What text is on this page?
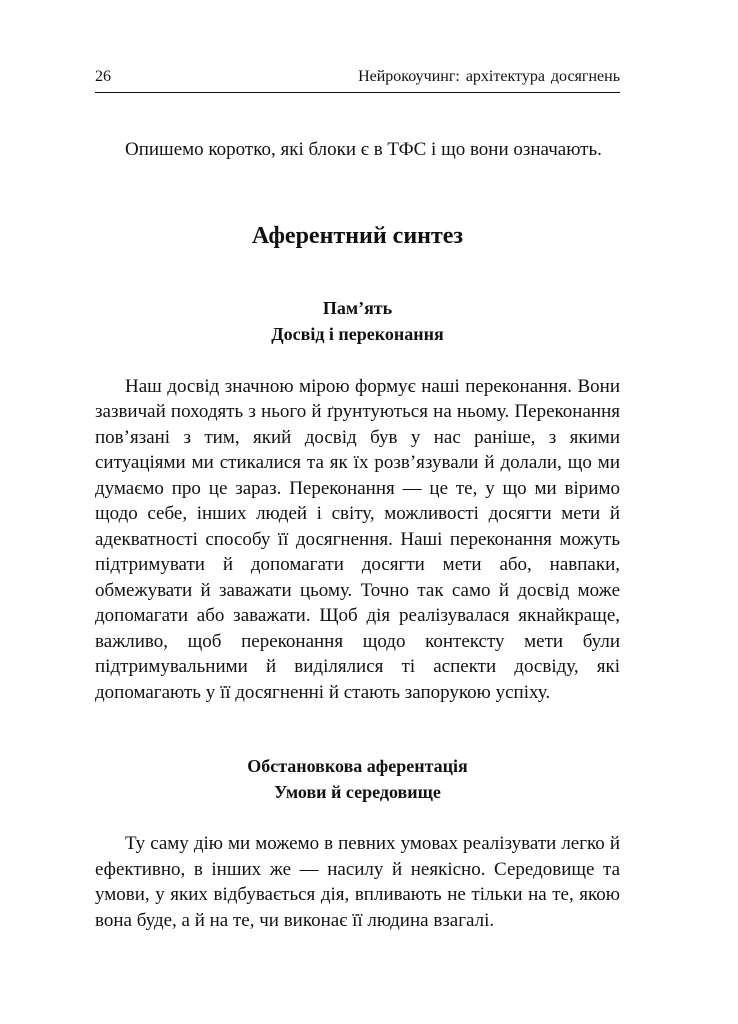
26	Нейрокоучинг: архітектура досягнень

Опишемо коротко, які блоки є в ТФС і що вони означають.

Аферентний синтез
Пам’ять
Досвід і переконання

Наш досвід значною мірою формує наші переконання. Вони зазвичай походять з нього й ґрунтуються на ньому. Переконання пов’язані з тим, який досвід був у нас раніше, з якими ситуаціями ми стикалися та як їх розв’язували й долали, що ми думаємо про це зараз. Переконання — це те, у що ми віримо щодо себе, інших людей і світу, можливості досягти мети й адекватності способу її досягнення. Наші переконання можуть підтримувати й допомагати досягти мети або, навпаки, обмежувати й заважати цьому. Точно так само й досвід може допомагати або заважати. Щоб дія реалізувалася якнайкраще, важливо, щоб переконання щодо контексту мети були підтримувальними й виділялися ті аспекти досвіду, які допомагають у її досягненні й стають запорукою успіху.

Обстановкова аферентація
Умови й середовище

Ту саму дію ми можемо в певних умовах реалізувати легко й ефективно, в інших же — насилу й неякісно. Середовище та умови, у яких відбувається дія, впливають не тільки на те, якою вона буде, а й на те, чи виконає її людина взагалі.
